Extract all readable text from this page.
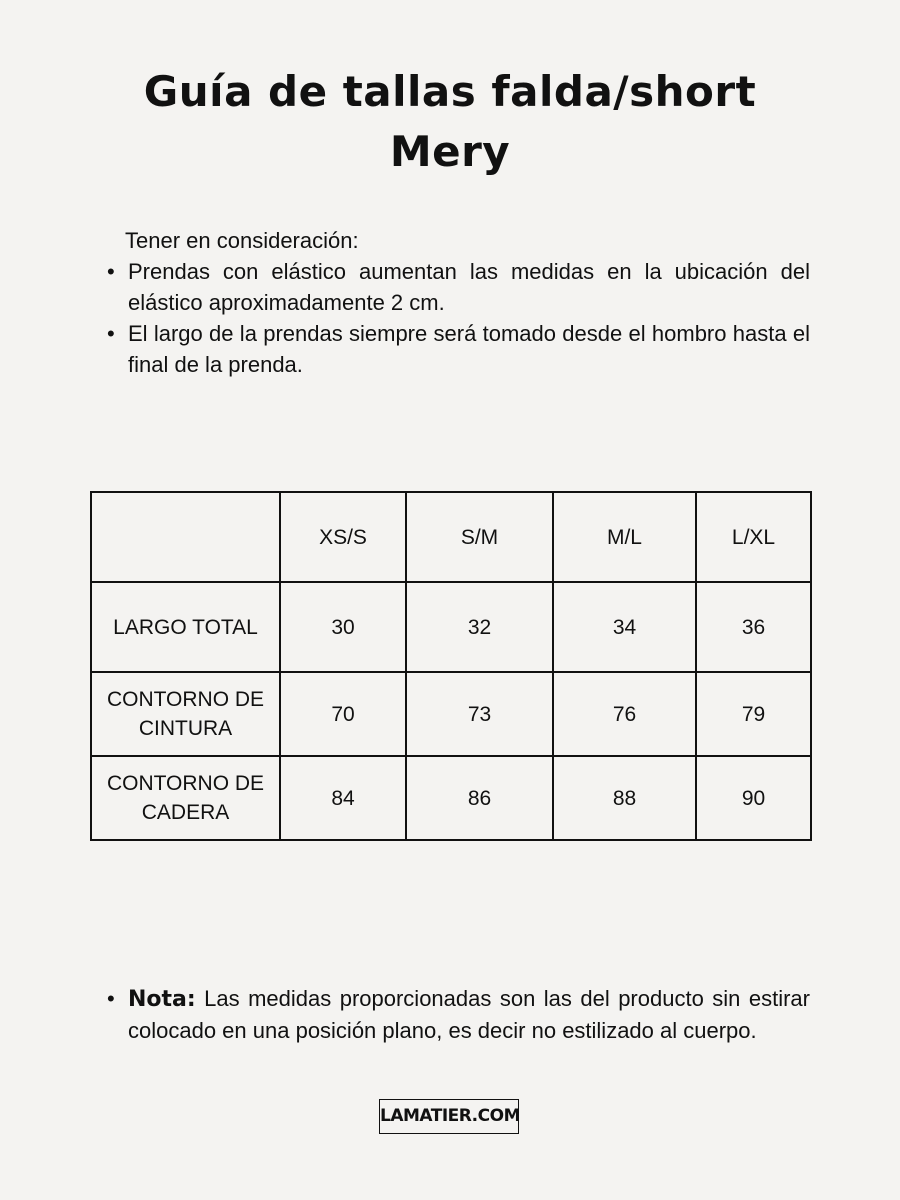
Guía de tallas falda/short
Mery
Tener en consideración:
• Prendas con elástico aumentan las medidas en la ubicación del elástico aproximadamente 2 cm.
• El largo de la prendas siempre será tomado desde el hombro hasta el final de la prenda.
	XS/S	S/M	M/L	L/XL
LARGO TOTAL	30	32	34	36
CONTORNO DE CINTURA	70	73	76	79
CONTORNO DE CADERA	84	86	88	90
• Nota: Las medidas proporcionadas son las del producto sin estirar colocado en una posición plano, es decir no estilizado al cuerpo.
LAMATIER.COM
